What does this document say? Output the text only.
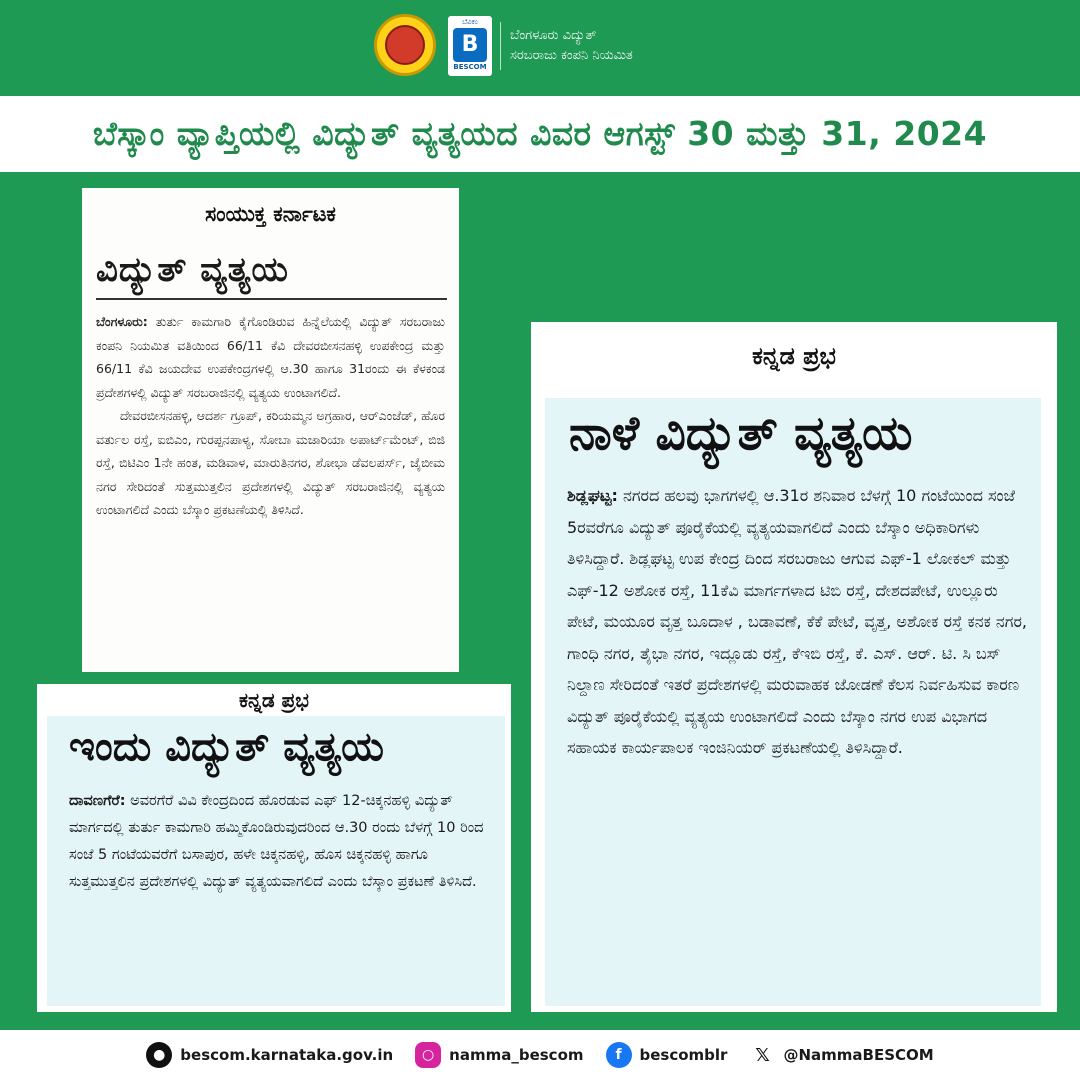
ಬೆವಿಕಂ
B
BESCOM
ಬೆಂಗಳೂರು ವಿದ್ಯುತ್
ಸರಬರಾಜು ಕಂಪನಿ ನಿಯಮಿತ
ಬೆಸ್ಕಾಂ ವ್ಯಾಪ್ತಿಯಲ್ಲಿ ವಿದ್ಯುತ್ ವ್ಯತ್ಯಯದ ವಿವರ ಆಗಸ್ಟ್ 30 ಮತ್ತು 31, 2024
ಸಂಯುಕ್ತ ಕರ್ನಾಟಕ
ವಿದ್ಯುತ್ ವ್ಯತ್ಯಯ

ಬೆಂಗಳೂರು: ತುರ್ತು ಕಾಮಗಾರಿ ಕೈಗೊಂಡಿರುವ ಹಿನ್ನೆಲೆಯಲ್ಲಿ ವಿದ್ಯುತ್ ಸರಬರಾಜು ಕಂಪನಿ ನಿಯಮಿತ ವತಿಯಿಂದ 66/11 ಕೆವಿ ದೇವರಬೀಸನಹಳ್ಳಿ ಉಪಕೇಂದ್ರ ಮತ್ತು 66/11 ಕೆವಿ ಜಯದೇವ ಉಪಕೇಂದ್ರಗಳಲ್ಲಿ ಆ.30 ಹಾಗೂ 31ರಂದು ಈ ಕೆಳಕಂಡ ಪ್ರದೇಶಗಳಲ್ಲಿ ವಿದ್ಯುತ್ ಸರಬರಾಜಿನಲ್ಲಿ ವ್ಯತ್ಯಯ ಉಂಟಾಗಲಿದೆ.

ದೇವರಬೀಸನಹಳ್ಳಿ, ಆದರ್ಶ ಗ್ರೂಪ್, ಕರಿಯಮ್ಮನ ಅಗ್ರಹಾರ, ಆರ್‌ಎಂಜೆಡ್, ಹೊರ ವರ್ತುಲ ರಸ್ತೆ, ಐಬಿಎಂ, ಗುರಪ್ಪನಪಾಳ್ಯ, ಸೋಬಾ ಮಜಾರಿಯಾ ಅಪಾರ್ಟ್‌ಮೆಂಟ್, ಬಿಜಿ ರಸ್ತೆ, ಬಿಟಿಎಂ 1ನೇ ಹಂತ, ಮಡಿವಾಳ, ಮಾರುತಿನಗರ, ಶೋಭಾ ಡೆವಲಪರ್ಸ್, ಜೈಬೀಮ ನಗರ ಸೇರಿದಂತೆ ಸುತ್ತಮುತ್ತಲಿನ ಪ್ರದೇಶಗಳಲ್ಲಿ ವಿದ್ಯುತ್ ಸರಬರಾಜಿನಲ್ಲಿ ವ್ಯತ್ಯಯ ಉಂಟಾಗಲಿದೆ ಎಂದು ಬೆಸ್ಕಾಂ ಪ್ರಕಟಣೆಯಲ್ಲಿ ತಿಳಿಸಿದೆ.

ಕನ್ನಡ ಪ್ರಭ
ಇಂದು ವಿದ್ಯುತ್ ವ್ಯತ್ಯಯ
ದಾವಣಗೆರೆ: ಅವರಗೆರೆ ವಿವಿ ಕೇಂದ್ರದಿಂದ ಹೊರಡುವ ಎಫ್ 12-ಚಿಕ್ಕನಹಳ್ಳಿ ವಿದ್ಯುತ್ ಮಾರ್ಗದಲ್ಲಿ ತುರ್ತು ಕಾಮಗಾರಿ ಹಮ್ಮಿಕೊಂಡಿರುವುದರಿಂದ ಆ.30 ರಂದು ಬೆಳಗ್ಗೆ 10 ರಿಂದ ಸಂಜೆ 5 ಗಂಟೆಯವರೆಗೆ ಬಸಾಪುರ, ಹಳೇ ಚಿಕ್ಕನಹಳ್ಳಿ, ಹೊಸ ಚಿಕ್ಕನಹಳ್ಳಿ ಹಾಗೂ ಸುತ್ತಮುತ್ತಲಿನ ಪ್ರದೇಶಗಳಲ್ಲಿ ವಿದ್ಯುತ್ ವ್ಯತ್ಯಯವಾಗಲಿದೆ ಎಂದು ಬೆಸ್ಕಾಂ ಪ್ರಕಟಣೆ ತಿಳಿಸಿದೆ.
ಕನ್ನಡ ಪ್ರಭ
ನಾಳೆ ವಿದ್ಯುತ್ ವ್ಯತ್ಯಯ
ಶಿಡ್ಲಘಟ್ಟ: ನಗರದ ಹಲವು ಭಾಗಗಳಲ್ಲಿ ಆ.31ರ ಶನಿವಾರ ಬೆಳಗ್ಗೆ 10 ಗಂಟೆಯಿಂದ ಸಂಜೆ 5ರವರೆಗೂ ವಿದ್ಯುತ್ ಪೂರೈಕೆಯಲ್ಲಿ ವ್ಯತ್ಯಯವಾಗಲಿದೆ ಎಂದು ಬೆಸ್ಕಾಂ ಅಧಿಕಾರಿಗಳು ತಿಳಿಸಿದ್ದಾರೆ. ಶಿಡ್ಲಘಟ್ಟ ಉಪ ಕೇಂದ್ರ ದಿಂದ ಸರಬರಾಜು ಆಗುವ ಎಫ್-1 ಲೋಕಲ್ ಮತ್ತು ಎಫ್-12 ಅಶೋಕ ರಸ್ತೆ, 11ಕೆವಿ ಮಾರ್ಗಗಳಾದ ಟಿಬಿ ರಸ್ತೆ, ದೇಶದಪೇಟೆ, ಉಲ್ಲೂರು ಪೇಟೆ, ಮಯೂರ ವೃತ್ತ ಬೂದಾಳ , ಬಡಾವಣೆ, ಕೆಕೆ ಪೇಟೆ, ವೃತ್ತ, ಅಶೋಕ ರಸ್ತೆ ಕನಕ ನಗರ, ಗಾಂಧಿ ನಗರ, ತೈಭಾ ನಗರ, ಇದ್ಲೂಡು ರಸ್ತೆ, ಕೆಇಬಿ ರಸ್ತೆ, ಕೆ. ಎಸ್. ಆರ್. ಟಿ. ಸಿ ಬಸ್ ನಿಲ್ದಾಣ ಸೇರಿದಂತೆ ಇತರೆ ಪ್ರದೇಶಗಳಲ್ಲಿ ಮರುವಾಹಕ ಜೋಡಣೆ ಕೆಲಸ ನಿರ್ವಹಿಸುವ ಕಾರಣ ವಿದ್ಯುತ್ ಪೂರೈಕೆಯಲ್ಲಿ ವ್ಯತ್ಯಯ ಉಂಟಾಗಲಿದೆ ಎಂದು ಬೆಸ್ಕಾಂ ನಗರ ಉಪ ವಿಭಾಗದ ಸಹಾಯಕ ಕಾರ್ಯಪಾಲಕ ಇಂಜಿನಿಯರ್ ಪ್ರಕಟಣೆಯಲ್ಲಿ ತಿಳಿಸಿದ್ದಾರೆ.
● bescom.karnataka.gov.in	○ namma_bescom	f	bescomblr	𝕏 @NammaBESCOM
